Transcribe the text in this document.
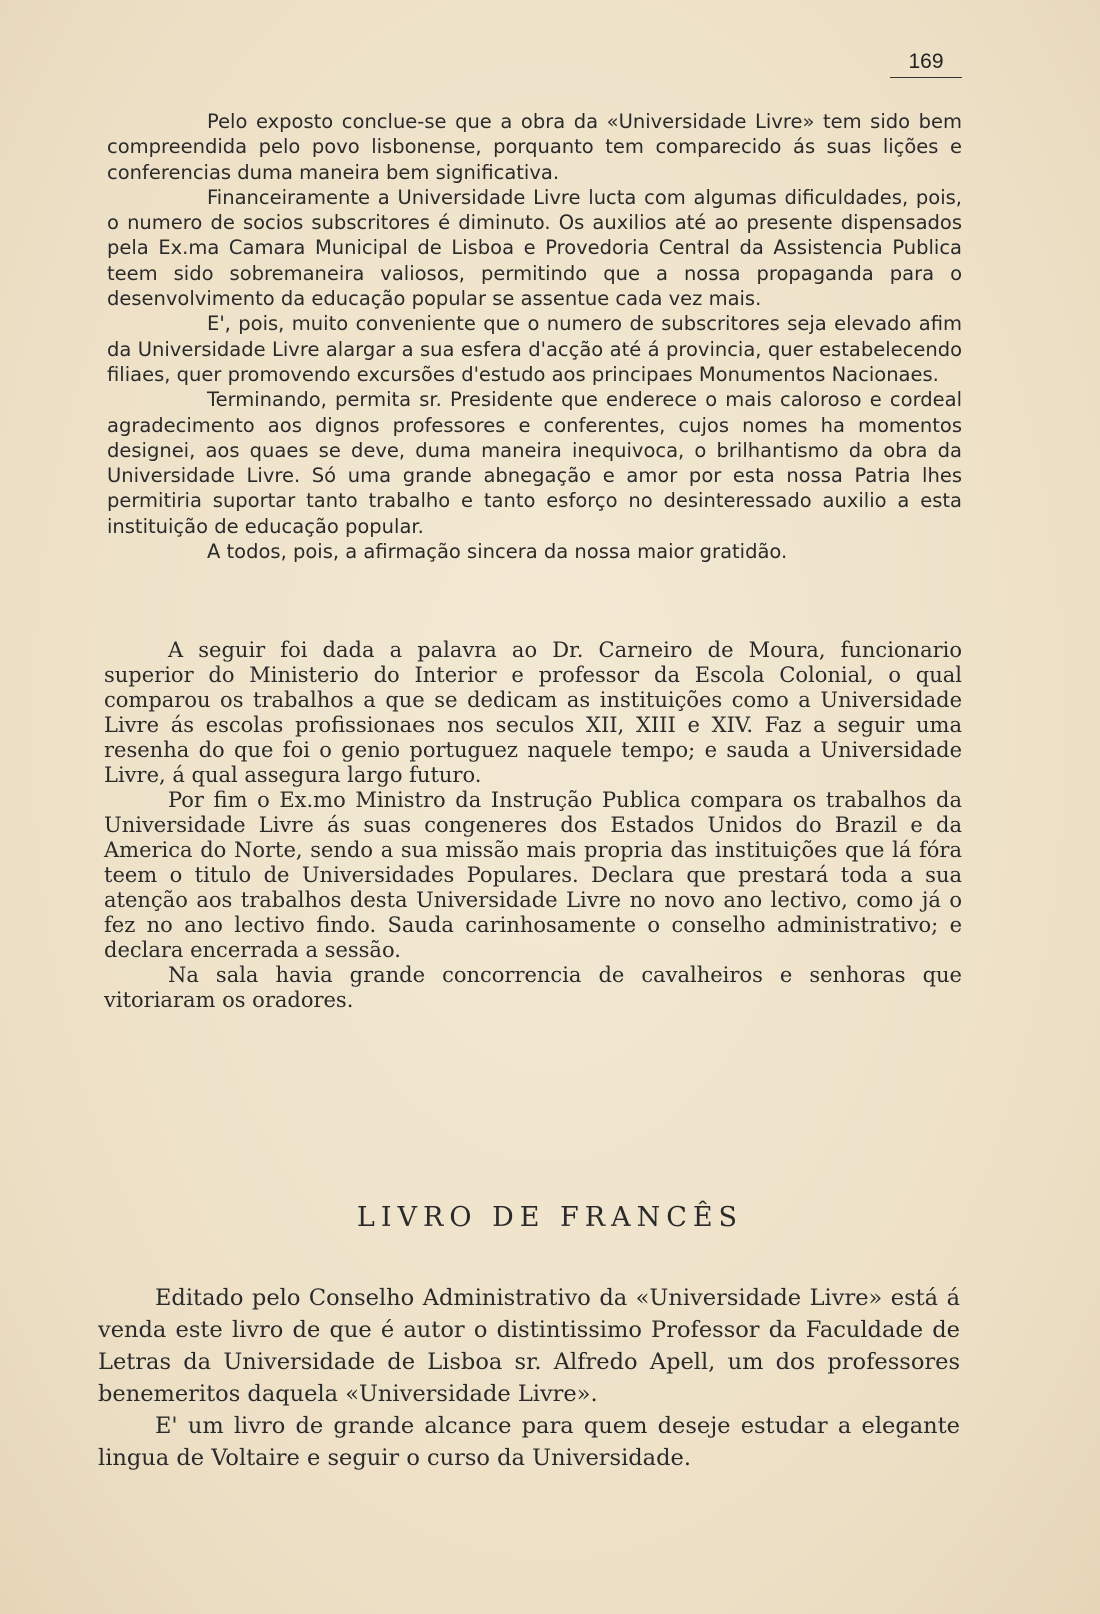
169

Pelo exposto conclue-se que a obra da «Universidade Livre» tem sido bem compreendida pelo povo lisbonense, porquanto tem comparecido ás suas lições e conferencias duma maneira bem significativa.

Financeiramente a Universidade Livre lucta com algumas dificuldades, pois, o numero de socios subscritores é diminuto. Os auxilios até ao presente dispensados pela Ex.ma Camara Municipal de Lisboa e Provedoria Central da Assistencia Publica teem sido sobremaneira valiosos, permitindo que a nossa propaganda para o desenvolvimento da educação popular se assentue cada vez mais.

E', pois, muito conveniente que o numero de subscritores seja elevado afim da Universidade Livre alargar a sua esfera d'acção até á provincia, quer estabelecendo filiaes, quer promovendo excursões d'estudo aos principaes Monumentos Nacionaes.

Terminando, permita sr. Presidente que enderece o mais caloroso e cordeal agradecimento aos dignos professores e conferentes, cujos nomes ha momentos designei, aos quaes se deve, duma maneira inequivoca, o brilhantismo da obra da Universidade Livre. Só uma grande abnegação e amor por esta nossa Patria lhes permitiria suportar tanto trabalho e tanto esforço no desinteressado auxilio a esta instituição de educação popular.

A todos, pois, a afirmação sincera da nossa maior gratidão.

A seguir foi dada a palavra ao Dr. Carneiro de Moura, funcionario superior do Ministerio do Interior e professor da Escola Colonial, o qual comparou os trabalhos a que se dedicam as instituições como a Universidade Livre ás escolas profissionaes nos seculos XII, XIII e XIV. Faz a seguir uma resenha do que foi o genio portuguez naquele tempo; e sauda a Universidade Livre, á qual assegura largo futuro.

Por fim o Ex.mo Ministro da Instrução Publica compara os trabalhos da Universidade Livre ás suas congeneres dos Estados Unidos do Brazil e da America do Norte, sendo a sua missão mais propria das instituições que lá fóra teem o titulo de Universidades Populares. Declara que prestará toda a sua atenção aos trabalhos desta Universidade Livre no novo ano lectivo, como já o fez no ano lectivo findo. Sauda carinhosamente o conselho administrativo; e declara encerrada a sessão.

Na sala havia grande concorrencia de cavalheiros e senhoras que vitoriaram os oradores.

LIVRO DE FRANCÊS

Editado pelo Conselho Administrativo da «Universidade Livre» está á venda este livro de que é autor o distintissimo Professor da Faculdade de Letras da Universidade de Lisboa sr. Alfredo Apell, um dos professores benemeritos daquela «Universidade Livre».

E' um livro de grande alcance para quem deseje estudar a elegante lingua de Voltaire e seguir o curso da Universidade.
